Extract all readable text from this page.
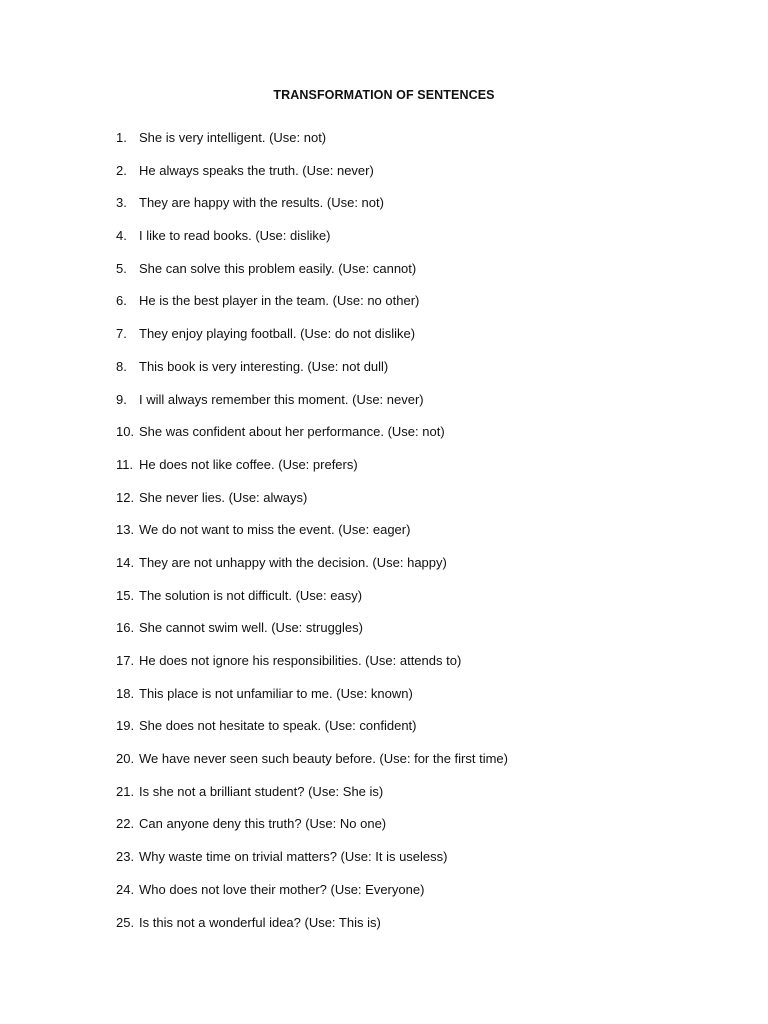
TRANSFORMATION OF SENTENCES
1. She is very intelligent. (Use: not)
2. He always speaks the truth. (Use: never)
3. They are happy with the results. (Use: not)
4. I like to read books. (Use: dislike)
5. She can solve this problem easily. (Use: cannot)
6. He is the best player in the team. (Use: no other)
7. They enjoy playing football. (Use: do not dislike)
8. This book is very interesting. (Use: not dull)
9. I will always remember this moment. (Use: never)
10. She was confident about her performance. (Use: not)
11. He does not like coffee. (Use: prefers)
12. She never lies. (Use: always)
13. We do not want to miss the event. (Use: eager)
14. They are not unhappy with the decision. (Use: happy)
15. The solution is not difficult. (Use: easy)
16. She cannot swim well. (Use: struggles)
17. He does not ignore his responsibilities. (Use: attends to)
18. This place is not unfamiliar to me. (Use: known)
19. She does not hesitate to speak. (Use: confident)
20. We have never seen such beauty before. (Use: for the first time)
21. Is she not a brilliant student? (Use: She is)
22. Can anyone deny this truth? (Use: No one)
23. Why waste time on trivial matters? (Use: It is useless)
24. Who does not love their mother? (Use: Everyone)
25. Is this not a wonderful idea? (Use: This is)
